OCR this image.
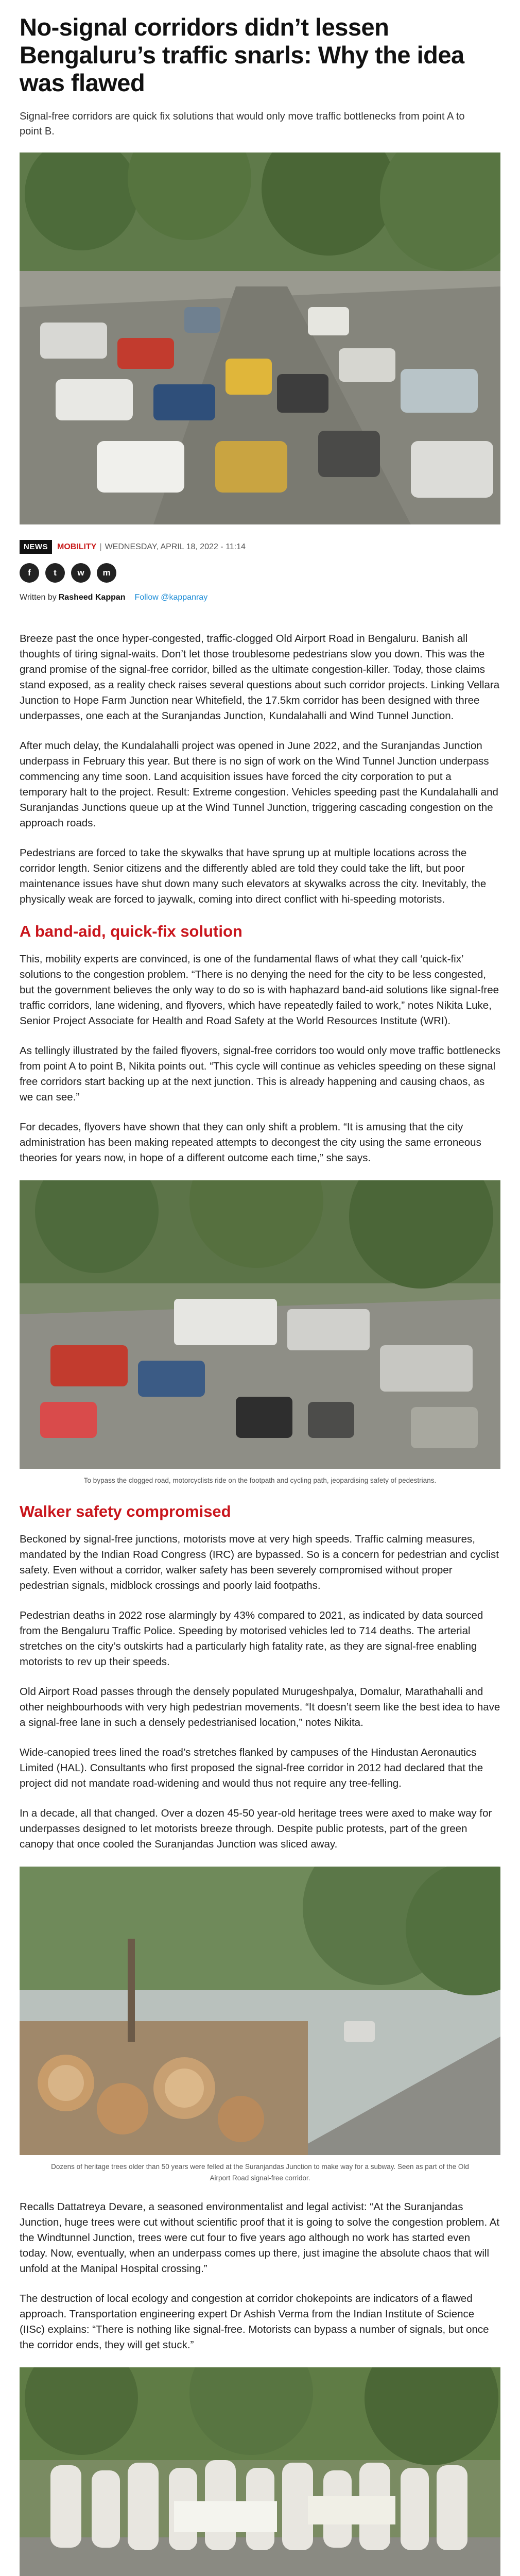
No-signal corridors didn’t lessen Bengaluru’s traffic snarls: Why the idea was flawed
Signal-free corridors are quick fix solutions that would only move traffic bottlenecks from point A to point B.
NEWS	MOBILITY | WEDNESDAY, APRIL 18, 2022 - 11:14
f	t	w	m
Written by Rasheed Kappan Follow @kappanray

Breeze past the once hyper-congested, traffic-clogged Old Airport Road in Bengaluru. Banish all thoughts of tiring signal-waits. Don’t let those troublesome pedestrians slow you down. This was the grand promise of the signal-free corridor, billed as the ultimate congestion-killer. Today, those claims stand exposed, as a reality check raises several questions about such corridor projects. Linking Vellara Junction to Hope Farm Junction near Whitefield, the 17.5km corridor has been designed with three underpasses, one each at the Suranjandas Junction, Kundalahalli and Wind Tunnel Junction.

After much delay, the Kundalahalli project was opened in June 2022, and the Suranjandas Junction underpass in February this year. But there is no sign of work on the Wind Tunnel Junction underpass commencing any time soon. Land acquisition issues have forced the city corporation to put a temporary halt to the project. Result: Extreme congestion. Vehicles speeding past the Kundalahalli and Suranjandas Junctions queue up at the Wind Tunnel Junction, triggering cascading congestion on the approach roads.

Pedestrians are forced to take the skywalks that have sprung up at multiple locations across the corridor length. Senior citizens and the differently abled are told they could take the lift, but poor maintenance issues have shut down many such elevators at skywalks across the city. Inevitably, the physically weak are forced to jaywalk, coming into direct conflict with hi-speeding motorists.

A band-aid, quick-fix solution

This, mobility experts are convinced, is one of the fundamental flaws of what they call ‘quick-fix’ solutions to the congestion problem. “There is no denying the need for the city to be less congested, but the government believes the only way to do so is with haphazard band-aid solutions like signal-free traffic corridors, lane widening, and flyovers, which have repeatedly failed to work,” notes Nikita Luke, Senior Project Associate for Health and Road Safety at the World Resources Institute (WRI).

As tellingly illustrated by the failed flyovers, signal-free corridors too would only move traffic bottlenecks from point A to point B, Nikita points out. “This cycle will continue as vehicles speeding on these signal free corridors start backing up at the next junction. This is already happening and causing chaos, as we can see.”

For decades, flyovers have shown that they can only shift a problem. “It is amusing that the city administration has been making repeated attempts to decongest the city using the same erroneous theories for years now, in hope of a different outcome each time,” she says.

To bypass the clogged road, motorcyclists ride on the footpath and cycling path, jeopardising safety of pedestrians.
Walker safety compromised

Beckoned by signal-free junctions, motorists move at very high speeds. Traffic calming measures, mandated by the Indian Road Congress (IRC) are bypassed. So is a concern for pedestrian and cyclist safety. Even without a corridor, walker safety has been severely compromised without proper pedestrian signals, midblock crossings and poorly laid footpaths.

Pedestrian deaths in 2022 rose alarmingly by 43% compared to 2021, as indicated by data sourced from the Bengaluru Traffic Police. Speeding by motorised vehicles led to 714 deaths. The arterial stretches on the city’s outskirts had a particularly high fatality rate, as they are signal-free enabling motorists to rev up their speeds.

Old Airport Road passes through the densely populated Murugeshpalya, Domalur, Marathahalli and other neighbourhoods with very high pedestrian movements. “It doesn’t seem like the best idea to have a signal-free lane in such a densely pedestrianised location,” notes Nikita.

Wide-canopied trees lined the road’s stretches flanked by campuses of the Hindustan Aeronautics Limited (HAL). Consultants who first proposed the signal-free corridor in 2012 had declared that the project did not mandate road-widening and would thus not require any tree-felling.

In a decade, all that changed. Over a dozen 45-50 year-old heritage trees were axed to make way for underpasses designed to let motorists breeze through. Despite public protests, part of the green canopy that once cooled the Suranjandas Junction was sliced away.

Dozens of heritage trees older than 50 years were felled at the Suranjandas Junction to make way for a subway. Seen as part of the Old Airport Road signal-free corridor.

Recalls Dattatreya Devare, a seasoned environmentalist and legal activist: “At the Suranjandas Junction, huge trees were cut without scientific proof that it is going to solve the congestion problem. At the Windtunnel Junction, trees were cut four to five years ago although no work has started even today. Now, eventually, when an underpass comes up there, just imagine the absolute chaos that will unfold at the Manipal Hospital crossing.”

The destruction of local ecology and congestion at corridor chokepoints are indicators of a flawed approach. Transportation engineering expert Dr Ashish Verma from the Indian Institute of Science (IISc) explains: “There is nothing like signal-free. Motorists can bypass a number of signals, but once the corridor ends, they will get stuck.”
